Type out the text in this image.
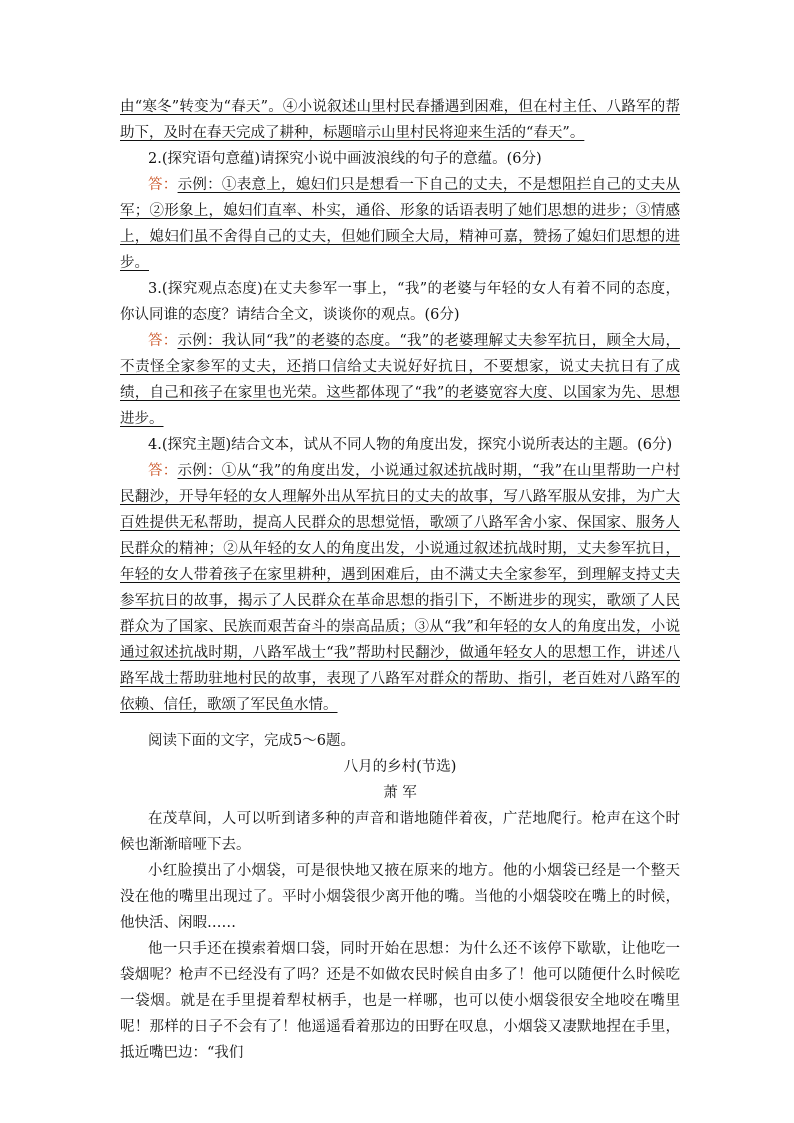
由“寒冬”转变为“春天”。④小说叙述山里村民春播遇到困难，但在村主任、八路军的帮助下，及时在春天完成了耕种，标题暗示山里村民将迎来生活的“春天”。

2.(探究语句意蕴)请探究小说中画波浪线的句子的意蕴。(6分)

答：示例：①表意上，媳妇们只是想看一下自己的丈夫，不是想阻拦自己的丈夫从军；②形象上，媳妇们直率、朴实，通俗、形象的话语表明了她们思想的进步；③情感上，媳妇们虽不舍得自己的丈夫，但她们顾全大局，精神可嘉，赞扬了媳妇们思想的进步。

3.(探究观点态度)在丈夫参军一事上，“我”的老婆与年轻的女人有着不同的态度，你认同谁的态度？请结合全文，谈谈你的观点。(6分)

答：示例：我认同“我”的老婆的态度。“我”的老婆理解丈夫参军抗日，顾全大局，不责怪全家参军的丈夫，还捎口信给丈夫说好好抗日，不要想家，说丈夫抗日有了成绩，自己和孩子在家里也光荣。这些都体现了“我”的老婆宽容大度、以国家为先、思想进步。

4.(探究主题)结合文本，试从不同人物的角度出发，探究小说所表达的主题。(6分)

答：示例：①从“我”的角度出发，小说通过叙述抗战时期，“我”在山里帮助一户村民翻沙，开导年轻的女人理解外出从军抗日的丈夫的故事，写八路军服从安排，为广大百姓提供无私帮助，提高人民群众的思想觉悟，歌颂了八路军舍小家、保国家、服务人民群众的精神；②从年轻的女人的角度出发，小说通过叙述抗战时期，丈夫参军抗日，年轻的女人带着孩子在家里耕种，遇到困难后，由不满丈夫全家参军，到理解支持丈夫参军抗日的故事，揭示了人民群众在革命思想的指引下，不断进步的现实，歌颂了人民群众为了国家、民族而艰苦奋斗的崇高品质；③从“我”和年轻的女人的角度出发，小说通过叙述抗战时期，八路军战士“我”帮助村民翻沙，做通年轻女人的思想工作，讲述八路军战士帮助驻地村民的故事，表现了八路军对群众的帮助、指引，老百姓对八路军的依赖、信任，歌颂了军民鱼水情。

阅读下面的文字，完成5～6题。

八月的乡村(节选)

萧 军

在茂草间，人可以听到诸多种的声音和谐地随伴着夜，广茫地爬行。枪声在这个时候也渐渐暗哑下去。

小红脸摸出了小烟袋，可是很快地又掖在原来的地方。他的小烟袋已经是一个整天没在他的嘴里出现过了。平时小烟袋很少离开他的嘴。当他的小烟袋咬在嘴上的时候，他快活、闲暇……

他一只手还在摸索着烟口袋，同时开始在思想：为什么还不该停下歇歇，让他吃一袋烟呢？枪声不已经没有了吗？还是不如做农民时候自由多了！他可以随便什么时候吃一袋烟。就是在手里提着犁杖柄手，也是一样哪，也可以使小烟袋很安全地咬在嘴里呢！那样的日子不会有了！他遥遥看着那边的田野在叹息，小烟袋又凄默地捏在手里，抵近嘴巴边：“我们
